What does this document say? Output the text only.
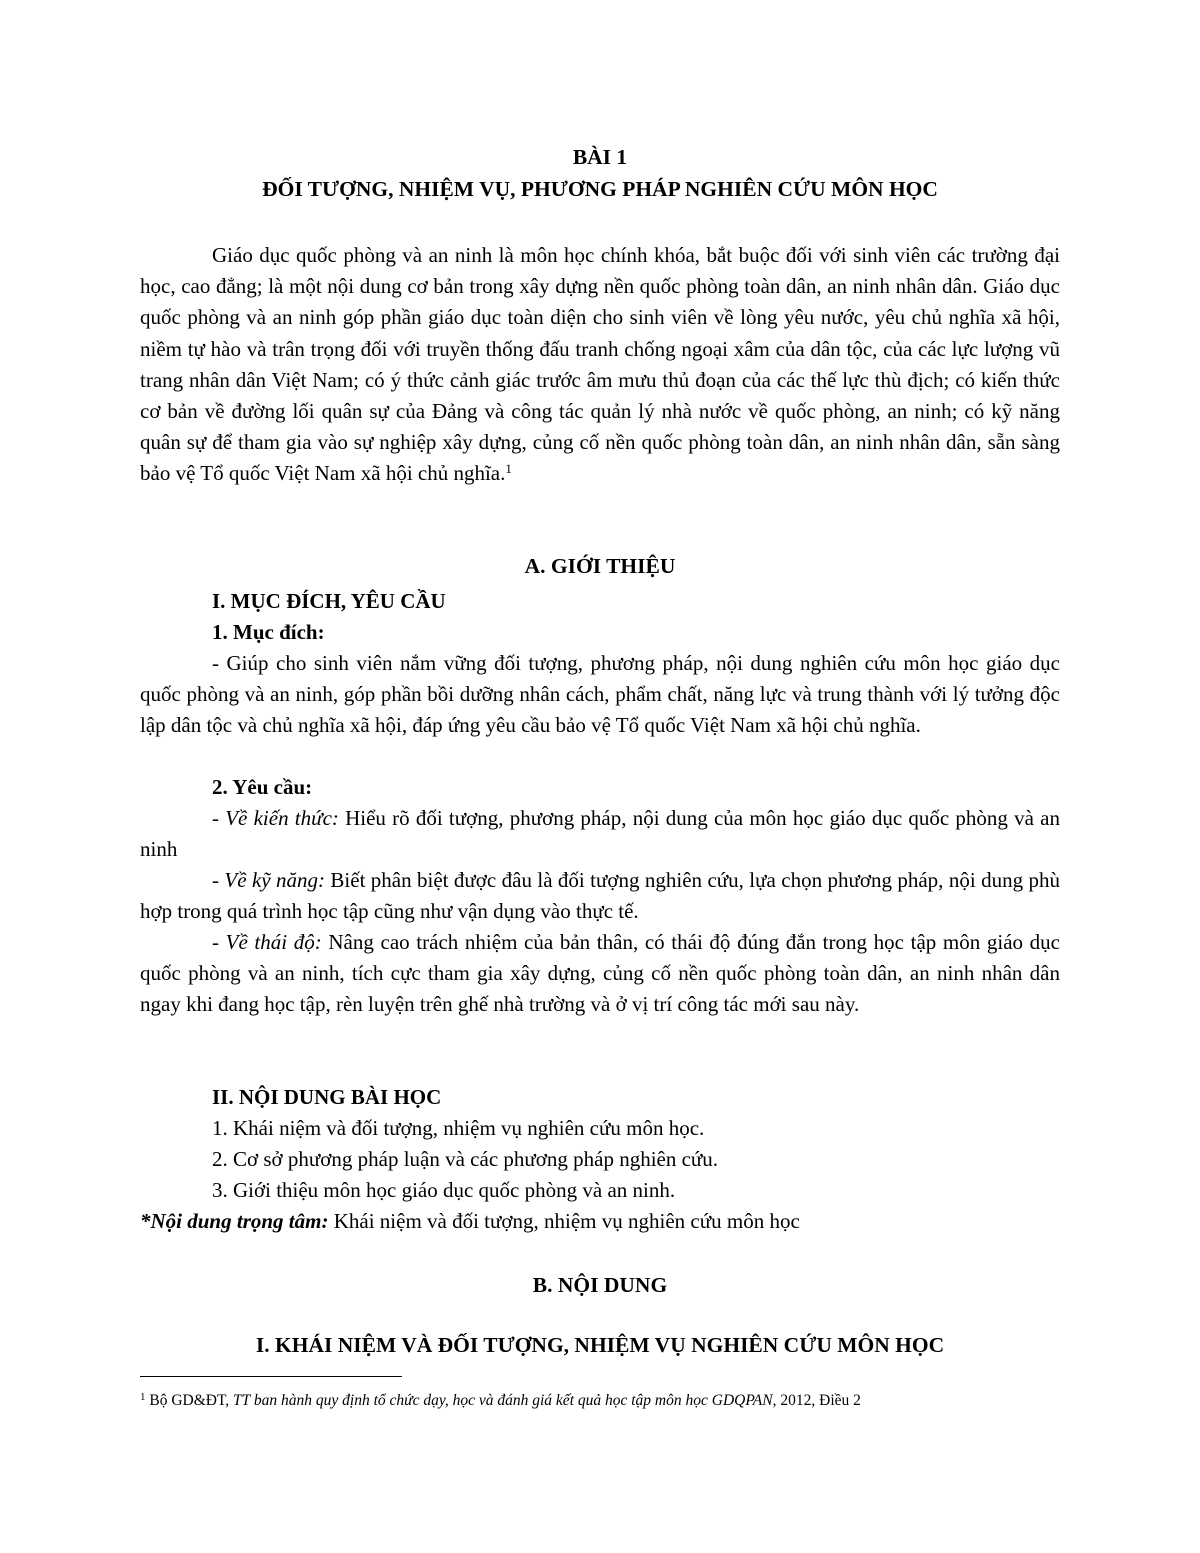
BÀI 1
ĐỐI TƯỢNG, NHIỆM VỤ, PHƯƠNG PHÁP NGHIÊN CỨU MÔN HỌC
Giáo dục quốc phòng và an ninh là môn học chính khóa, bắt buộc đối với sinh viên các trường đại học, cao đẳng; là một nội dung cơ bản trong xây dựng nền quốc phòng toàn dân, an ninh nhân dân. Giáo dục quốc phòng và an ninh góp phần giáo dục toàn diện cho sinh viên về lòng yêu nước, yêu chủ nghĩa xã hội, niềm tự hào và trân trọng đối với truyền thống đấu tranh chống ngoại xâm của dân tộc, của các lực lượng vũ trang nhân dân Việt Nam; có ý thức cảnh giác trước âm mưu thủ đoạn của các thế lực thù địch; có kiến thức cơ bản về đường lối quân sự của Đảng và công tác quản lý nhà nước về quốc phòng, an ninh; có kỹ năng quân sự để tham gia vào sự nghiệp xây dựng, củng cố nền quốc phòng toàn dân, an ninh nhân dân, sẵn sàng bảo vệ Tổ quốc Việt Nam xã hội chủ nghĩa.$^1$
A. GIỚI THIỆU
I. MỤC ĐÍCH, YÊU CẦU
1. Mục đích:
- Giúp cho sinh viên nắm vững đối tượng, phương pháp, nội dung nghiên cứu môn học giáo dục quốc phòng và an ninh, góp phần bồi dưỡng nhân cách, phẩm chất, năng lực và trung thành với lý tưởng độc lập dân tộc và chủ nghĩa xã hội, đáp ứng yêu cầu bảo vệ Tổ quốc Việt Nam xã hội chủ nghĩa.
2. Yêu cầu:
- Về kiến thức: Hiểu rõ đối tượng, phương pháp, nội dung của môn học giáo dục quốc phòng và an ninh
- Về kỹ năng: Biết phân biệt được đâu là đối tượng nghiên cứu, lựa chọn phương pháp, nội dung phù hợp trong quá trình học tập cũng như vận dụng vào thực tế.
- Về thái độ: Nâng cao trách nhiệm của bản thân, có thái độ đúng đắn trong học tập môn giáo dục quốc phòng và an ninh, tích cực tham gia xây dựng, củng cố nền quốc phòng toàn dân, an ninh nhân dân ngay khi đang học tập, rèn luyện trên ghế nhà trường và ở vị trí công tác mới sau này.
II. NỘI DUNG BÀI HỌC
1. Khái niệm và đối tượng, nhiệm vụ nghiên cứu môn học.
2. Cơ sở phương pháp luận và các phương pháp nghiên cứu.
3. Giới thiệu môn học giáo dục quốc phòng và an ninh.
*Nội dung trọng tâm: Khái niệm và đối tượng, nhiệm vụ nghiên cứu môn học
B. NỘI DUNG
I. KHÁI NIỆM VÀ ĐỐI TƯỢNG, NHIỆM VỤ NGHIÊN CỨU MÔN HỌC
$^1$ Bộ GD&ĐT, TT ban hành quy định tổ chức dạy, học và đánh giá kết quả học tập môn học GDQPAN, 2012, Điều 2
